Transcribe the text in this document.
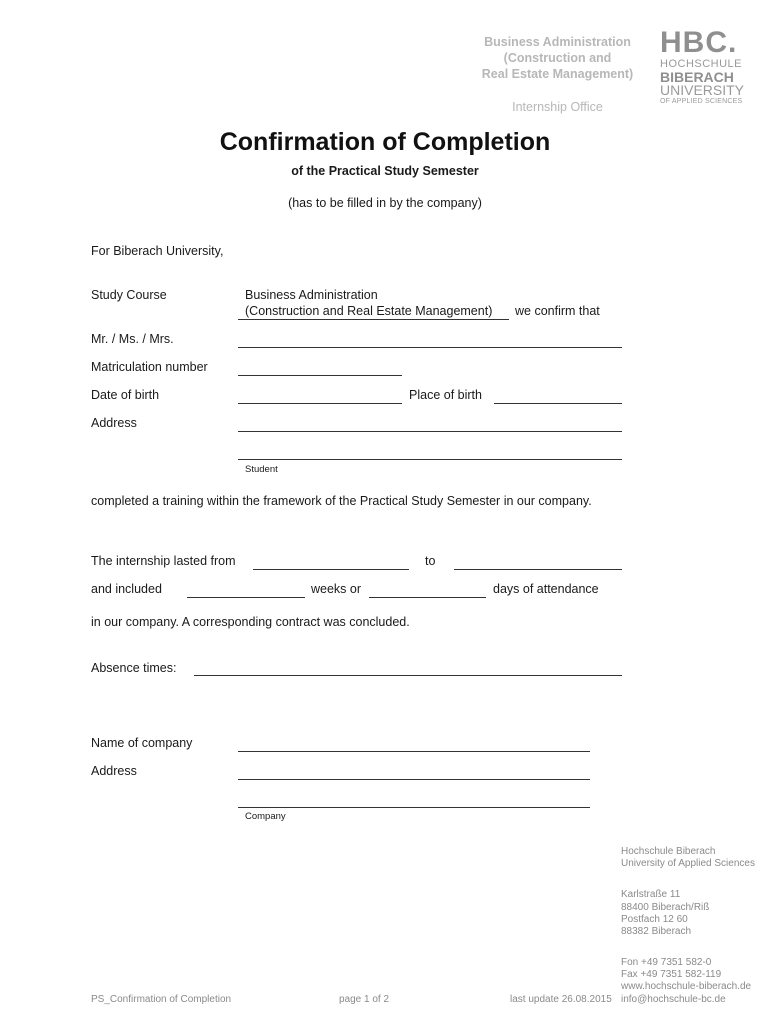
Business Administration
(Construction and
Real Estate Management)
Internship Office
HBC.
HOCHSCHULE
BIBERACH
UNIVERSITY
OF APPLIED SCIENCES
Confirmation of Completion
of the Practical Study Semester
(has to be filled in by the company)
For Biberach University,
Study Course	Business Administration
(Construction and Real Estate Management) we confirm that
Mr. / Ms. / Mrs.
Matriculation number
Date of birth	Place of birth
Address
Student
completed a training within the framework of the Practical Study Semester in our company.
The internship lasted from	to
and included	weeks or	days of attendance
in our company. A corresponding contract was concluded.
Absence times:
Name of company
Address
Company
Hochschule Biberach
University of Applied Sciences
Karlstraße 11
88400 Biberach/Riß
Postfach 12 60
88382 Biberach
Fon +49 7351 582-0
Fax +49 7351 582-119
www.hochschule-biberach.de
info@hochschule-bc.de
PS_Confirmation of Completion	page 1 of 2	last update 26.08.2015
